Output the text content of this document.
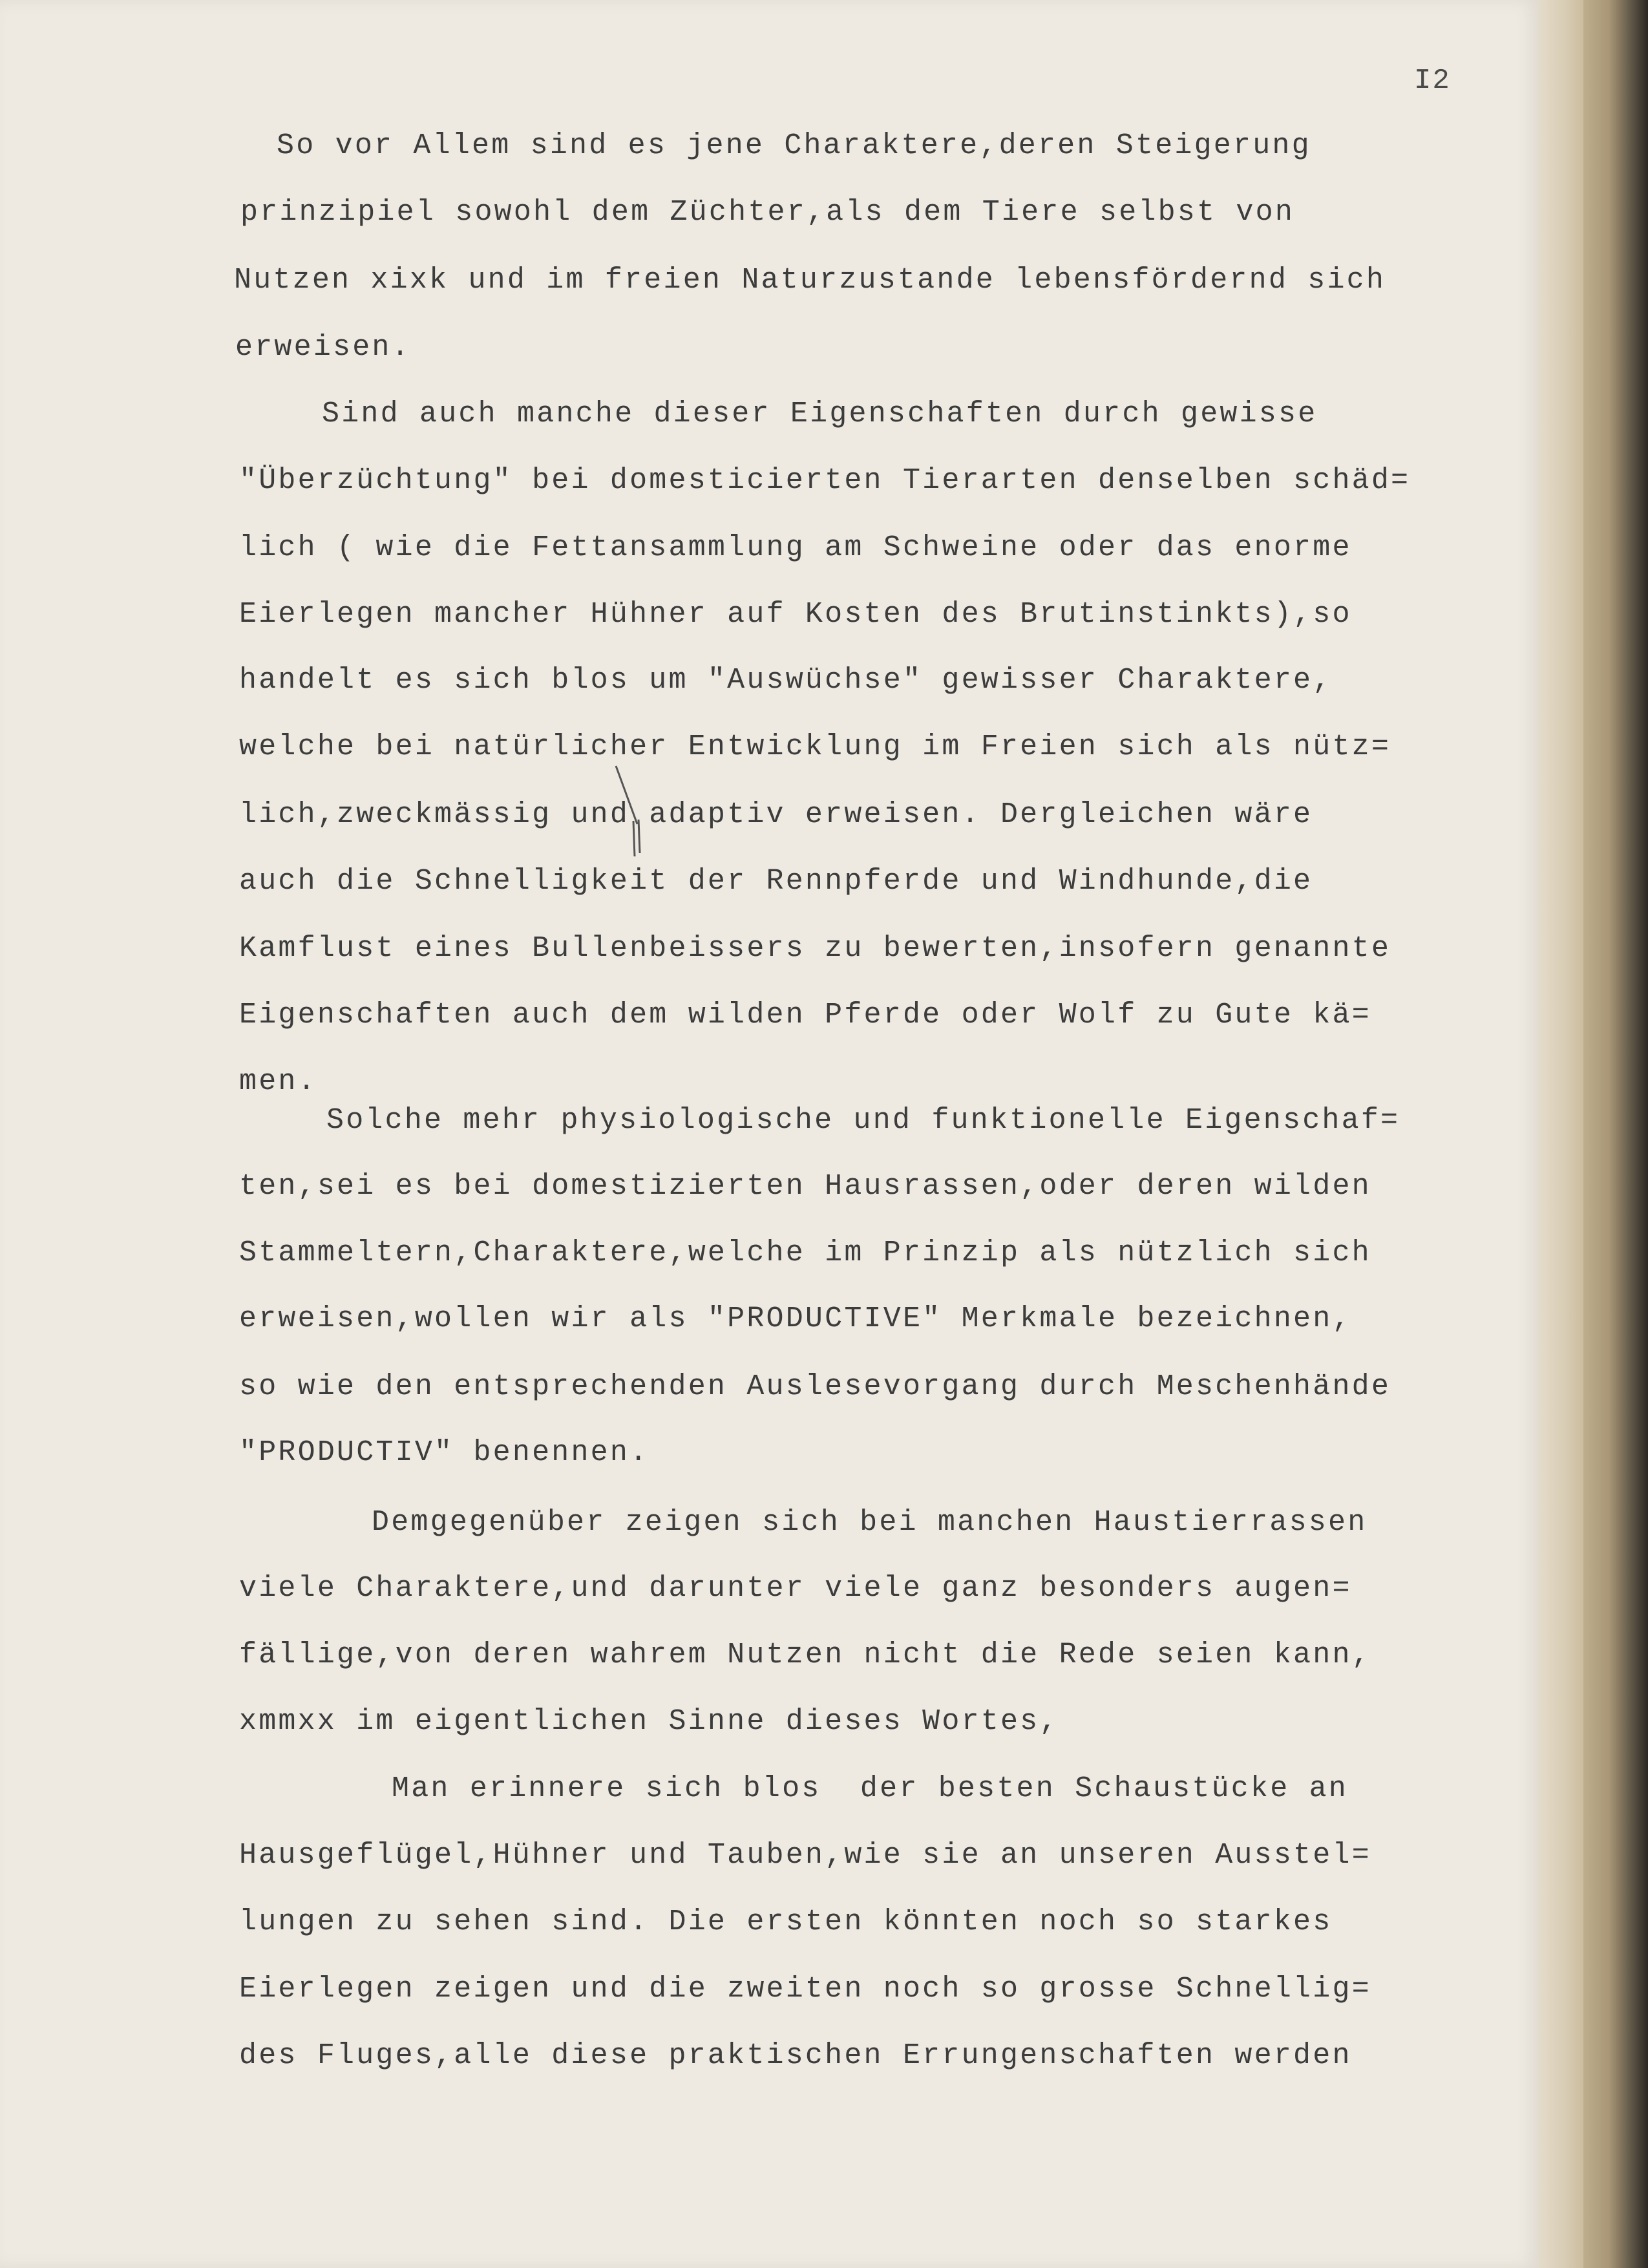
I2
So vor Allem sind es jene Charaktere,deren Steigerung
prinzipiel sowohl dem Züchter,als dem Tiere selbst von
Nutzen xixk und im freien Naturzustande lebensfördernd sich
erweisen.
Sind auch manche dieser Eigenschaften durch gewisse
"Überzüchtung" bei domesticierten Tierarten denselben schäd=
lich ( wie die Fettansammlung am Schweine oder das enorme
Eierlegen mancher Hühner auf Kosten des Brutinstinkts),so
handelt es sich blos um "Auswüchse" gewisser Charaktere,
welche bei natürlicher Entwicklung im Freien sich als nütz=
lich,zweckmässig und adaptiv erweisen. Dergleichen wäre
auch die Schnelligkeit der Rennpferde und Windhunde,die
Kamflust eines Bullenbeissers zu bewerten,insofern genannte
Eigenschaften auch dem wilden Pferde oder Wolf zu Gute kä=
men.
Solche mehr physiologische und funktionelle Eigenschaf=
ten,sei es bei domestizierten Hausrassen,oder deren wilden
Stammeltern,Charaktere,welche im Prinzip als nützlich sich
erweisen,wollen wir als "PRODUCTIVE" Merkmale bezeichnen,
so wie den entsprechenden Auslesevorgang durch Meschenhände
"PRODUCTIV" benennen.
Demgegenüber zeigen sich bei manchen Haustierrassen
viele Charaktere,und darunter viele ganz besonders augen=
fällige,von deren wahrem Nutzen nicht die Rede seien kann,
xmmxx im eigentlichen Sinne dieses Wortes,
Man erinnere sich blos  der besten Schaustücke an
Hausgeflügel,Hühner und Tauben,wie sie an unseren Ausstel=
lungen zu sehen sind. Die ersten könnten noch so starkes
Eierlegen zeigen und die zweiten noch so grosse Schnellig=
des Fluges,alle diese praktischen Errungenschaften werden
